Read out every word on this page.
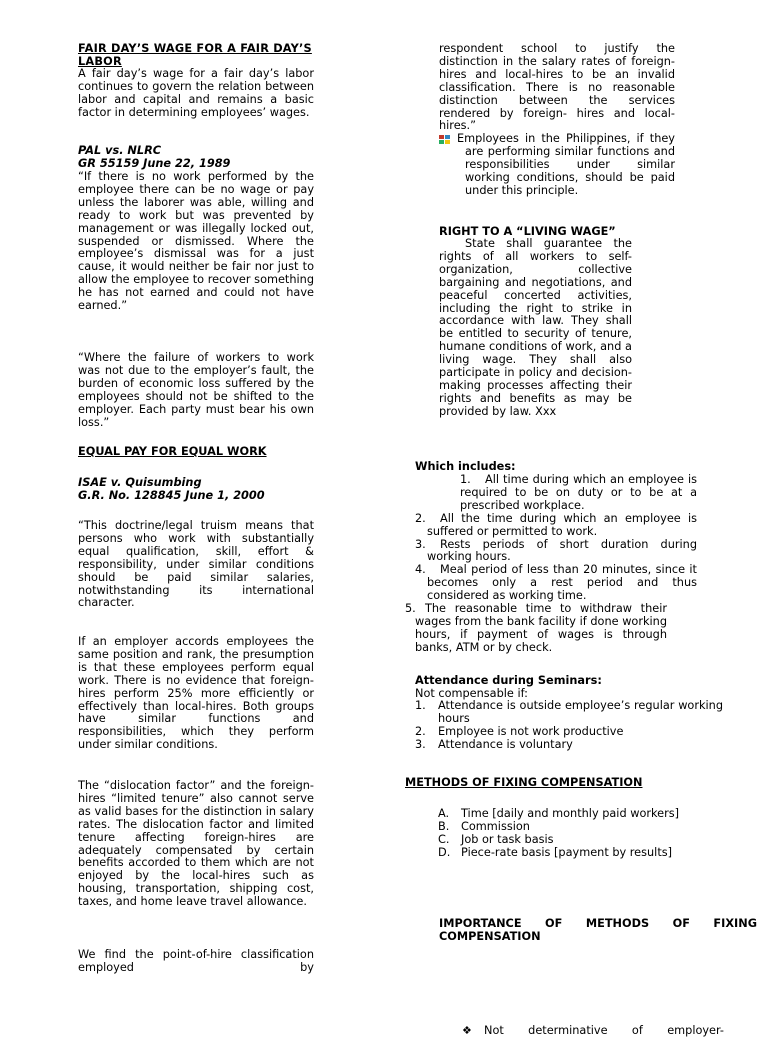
FAIR DAY’S WAGE FOR A FAIR DAY’S
LABOR

A fair day’s wage for a fair day’s labor continues to govern the relation between labor and capital and remains a basic factor in determining employees’ wages.

PAL vs. NLRC
GR 55159 June 22, 1989

“If there is no work performed by the employee there can be no wage or pay unless the laborer was able, willing and ready to work but was prevented by management or was illegally locked out, suspended or dismissed. Where the employee’s dismissal was for a just cause, it would neither be fair nor just to allow the employee to recover something he has not earned and could not have earned.”

“Where the failure of workers to work was not due to the employer’s fault, the burden of economic loss suffered by the employees should not be shifted to the employer. Each party must bear his own loss.”

EQUAL PAY FOR EQUAL WORK
ISAE v. Quisumbing
G.R. No. 128845 June 1, 2000

“This doctrine/legal truism means that persons who work with substantially equal qualification, skill, effort & responsibility, under similar conditions should be paid similar salaries, notwithstanding its international character.

If an employer accords employees the same position and rank, the presumption is that these employees perform equal work. There is no evidence that foreign-hires perform 25% more efficiently or effectively than local-hires. Both groups have similar functions and responsibilities, which they perform under similar conditions.

The “dislocation factor” and the foreign-hires “limited tenure” also cannot serve as valid bases for the distinction in salary rates. The dislocation factor and limited tenure affecting foreign-hires are adequately compensated by certain benefits accorded to them which are not enjoyed by the local-hires such as housing, transportation, shipping cost, taxes, and home leave travel allowance.

We find the point-of-hire classification employed by

respondent school to justify the distinction in the salary rates of foreign- hires and local-hires to be an invalid classification. There is no reasonable distinction between the services rendered by foreign- hires and local-hires.”

Employees in the Philippines, if they are performing similar functions and responsibilities under similar working conditions, should be paid under this principle.

RIGHT TO A “LIVING WAGE”

State shall guarantee the rights of all workers to self-organization, collective bargaining and negotiations, and peaceful concerted activities, including the right to strike in accordance with law. They shall be entitled to security of tenure, humane conditions of work, and a living wage. They shall also participate in policy and decision-making processes affecting their rights and benefits as may be provided by law. Xxx

Which includes:
1. All time during which an employee is required to be on duty or to be at a prescribed workplace.
2. All the time during which an employee is suffered or permitted to work.
3. Rests periods of short duration during working hours.
4. Meal period of less than 20 minutes, since it becomes only a rest period and thus considered as working time.
5. The reasonable time to withdraw their wages from the bank facility if done working hours, if payment of wages is through banks, ATM or by check.
Attendance during Seminars:
Not compensable if:
1. Attendance is outside employee’s regular working hours
2. Employee is not work productive
3. Attendance is voluntary
METHODS OF FIXING COMPENSATION
A. Time [daily and monthly paid workers]
B. Commission
C. Job or task basis
D. Piece-rate basis [payment by results]

IMPORTANCE OF METHODS OF FIXING COMPENSATION

❖ Not determinative of employer-
